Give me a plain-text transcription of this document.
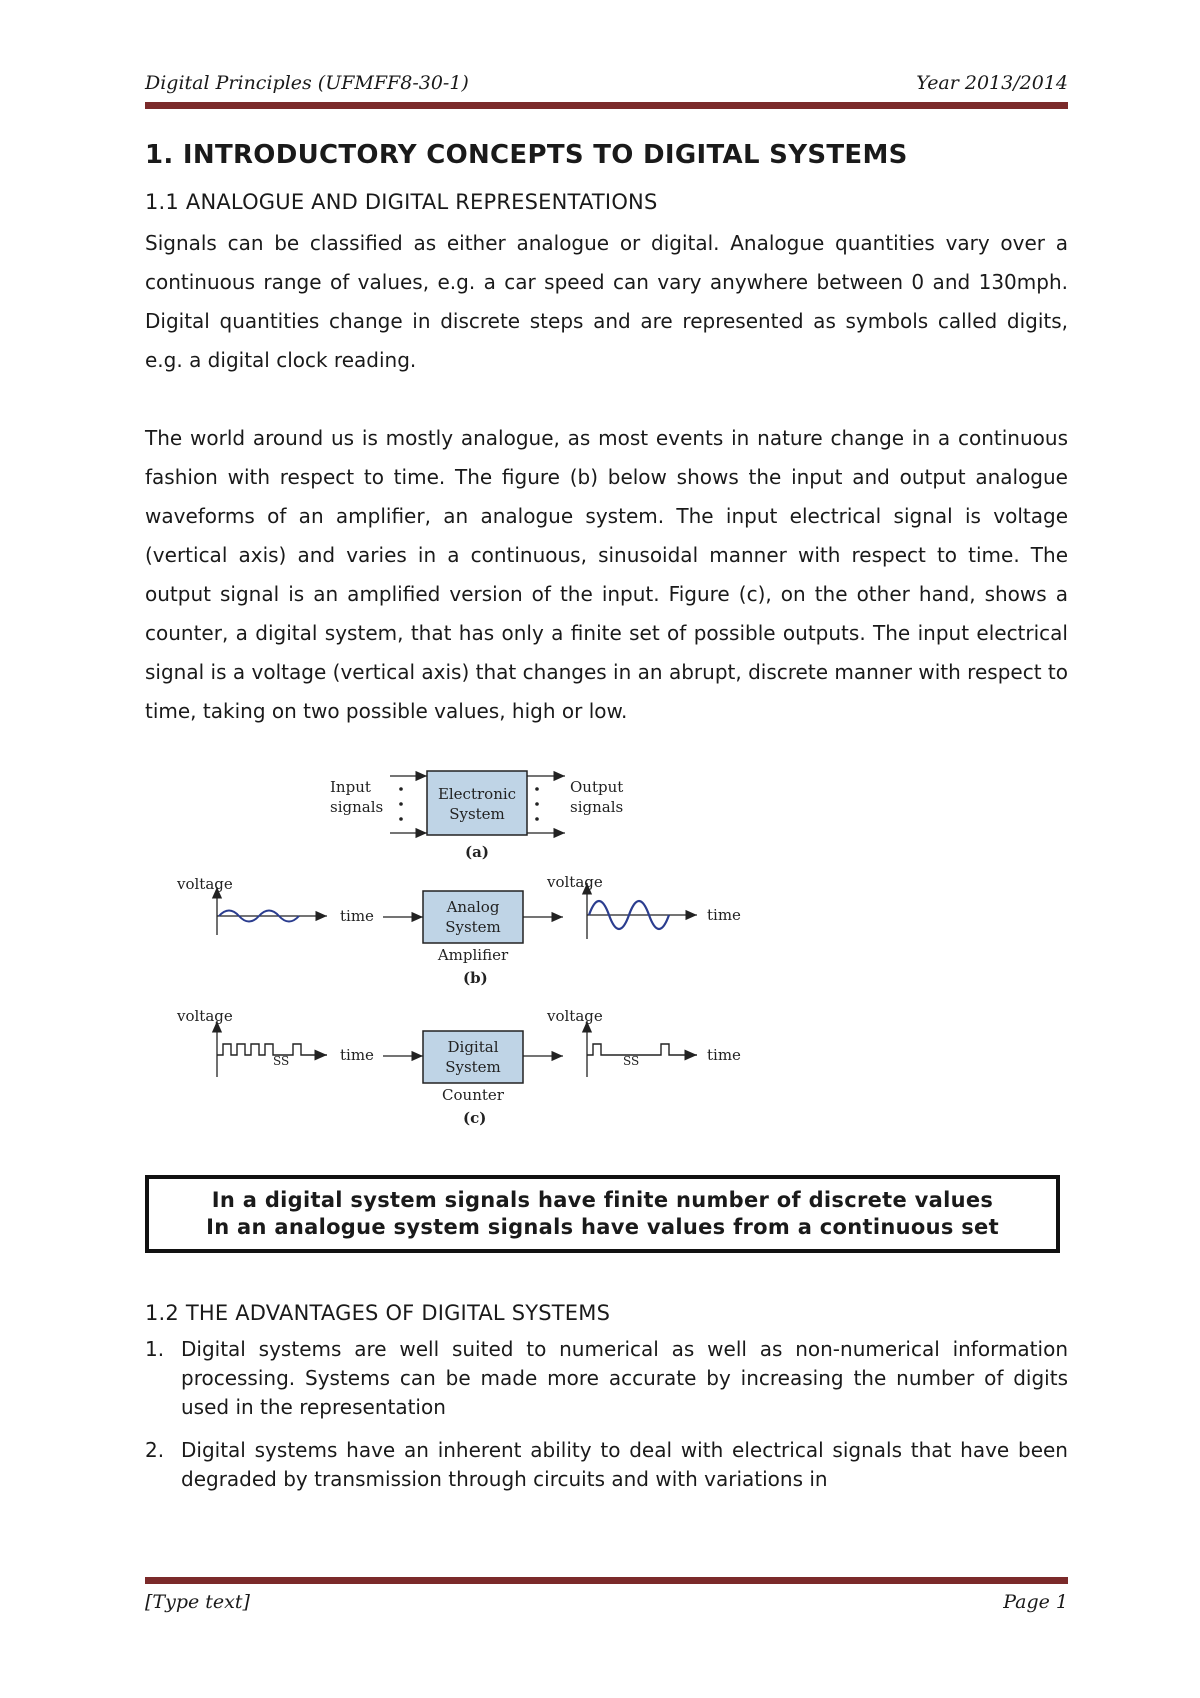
Digital Principles (UFMFF8-30-1)	Year 2013/2014
1. INTRODUCTORY CONCEPTS TO DIGITAL SYSTEMS
1.1 ANALOGUE AND DIGITAL REPRESENTATIONS

Signals can be classified as either analogue or digital. Analogue quantities vary over a continuous range of values, e.g. a car speed can vary anywhere between 0 and 130mph. Digital quantities change in discrete steps and are represented as symbols called digits, e.g. a digital clock reading.

The world around us is mostly analogue, as most events in nature change in a continuous fashion with respect to time. The figure (b) below shows the input and output analogue waveforms of an amplifier, an analogue system. The input electrical signal is voltage (vertical axis) and varies in a continuous, sinusoidal manner with respect to time. The output signal is an amplified version of the input. Figure (c), on the other hand, shows a counter, a digital system, that has only a finite set of possible outputs. The input electrical signal is a voltage (vertical axis) that changes in an abrupt, discrete manner with respect to time, taking on two possible values, high or low.

Input
signals
Electronic
System
Output
signals
(a)
voltage
time	Analog
System
Amplifier
voltage
time
(b)
voltage
SS	time	Digital
System
Counter
voltage
SS	time
(c)
In a digital system signals have finite number of discrete values
In an analogue system signals have values from a continuous set
1.2 THE ADVANTAGES OF DIGITAL SYSTEMS
1. Digital systems are well suited to numerical as well as non-numerical information processing. Systems can be made more accurate by increasing the number of digits used in the representation
2. Digital systems have an inherent ability to deal with electrical signals that have been degraded by transmission through circuits and with variations in
[Type text]	Page 1
